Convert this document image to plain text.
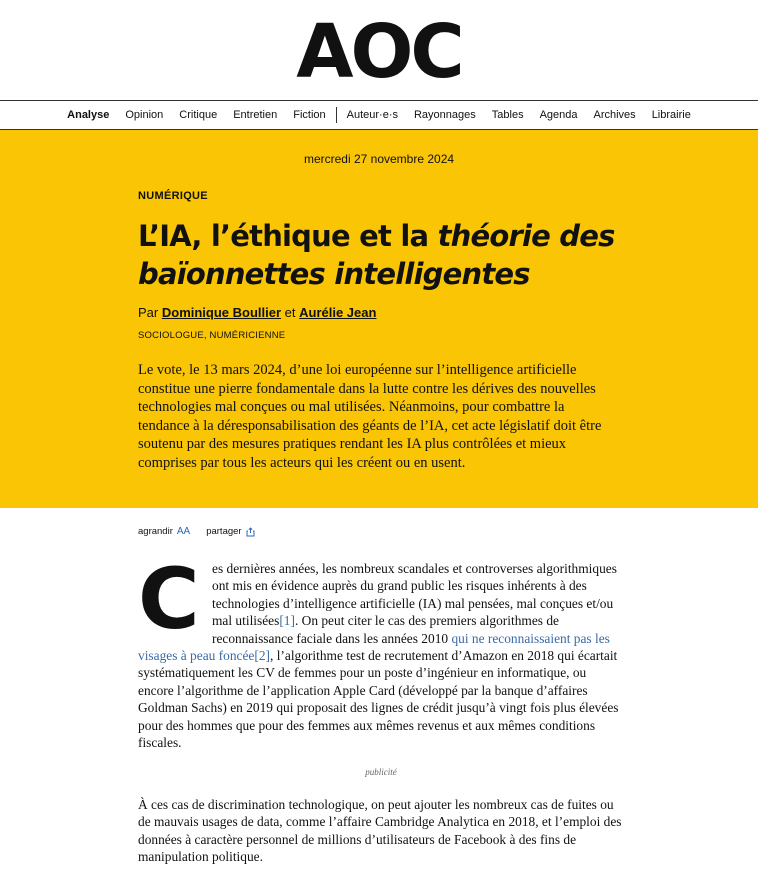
AOC
Analyse	Opinion	Critique	Entretien	Fiction	Auteur·e·s	Rayonnages	Tables	Agenda	Archives	Librairie
mercredi 27 novembre 2024
NUMÉRIQUE
L’IA, l’éthique et la théorie des baïonnettes intelligentes
Par Dominique Boullier et Aurélie Jean
SOCIOLOGUE, NUMÉRICIENNE

Le vote, le 13 mars 2024, d’une loi européenne sur l’intelligence artificielle constitue une pierre fondamentale dans la lutte contre les dérives des nouvelles technologies mal conçues ou mal utilisées. Néanmoins, pour combattre la tendance à la déresponsabilisation des géants de l’IA, cet acte législatif doit être soutenu par des mesures pratiques rendant les IA plus contrôlées et mieux comprises par tous les acteurs qui les créent ou en usent.

agrandir AA partager
C es dernières années, les nombreux scandales et controverses algorithmiques ont mis en évidence auprès du grand public les risques inhérents à des technologies d’intelligence artificielle (IA) mal pensées, mal conçues et/ou mal utilisées[1]. On peut citer le cas des premiers algorithmes de reconnaissance faciale dans les années 2010 qui ne reconnaissaient pas les visages à peau foncée[2], l’algorithme test de recrutement d’Amazon en 2018 qui écartait systématiquement les CV de femmes pour un poste d’ingénieur en informatique, ou encore l’algorithme de l’application Apple Card (développé par la banque d’affaires Goldman Sachs) en 2019 qui proposait des lignes de crédit jusqu’à vingt fois plus élevées pour des hommes que pour des femmes aux mêmes revenus et aux mêmes conditions fiscales.

publicité

À ces cas de discrimination technologique, on peut ajouter les nombreux cas de fuites ou de mauvais usages de data, comme l’affaire Cambridge Analytica en 2018, et l’emploi des données à caractère personnel de millions d’utilisateurs de Facebook à des fins de manipulation politique.
